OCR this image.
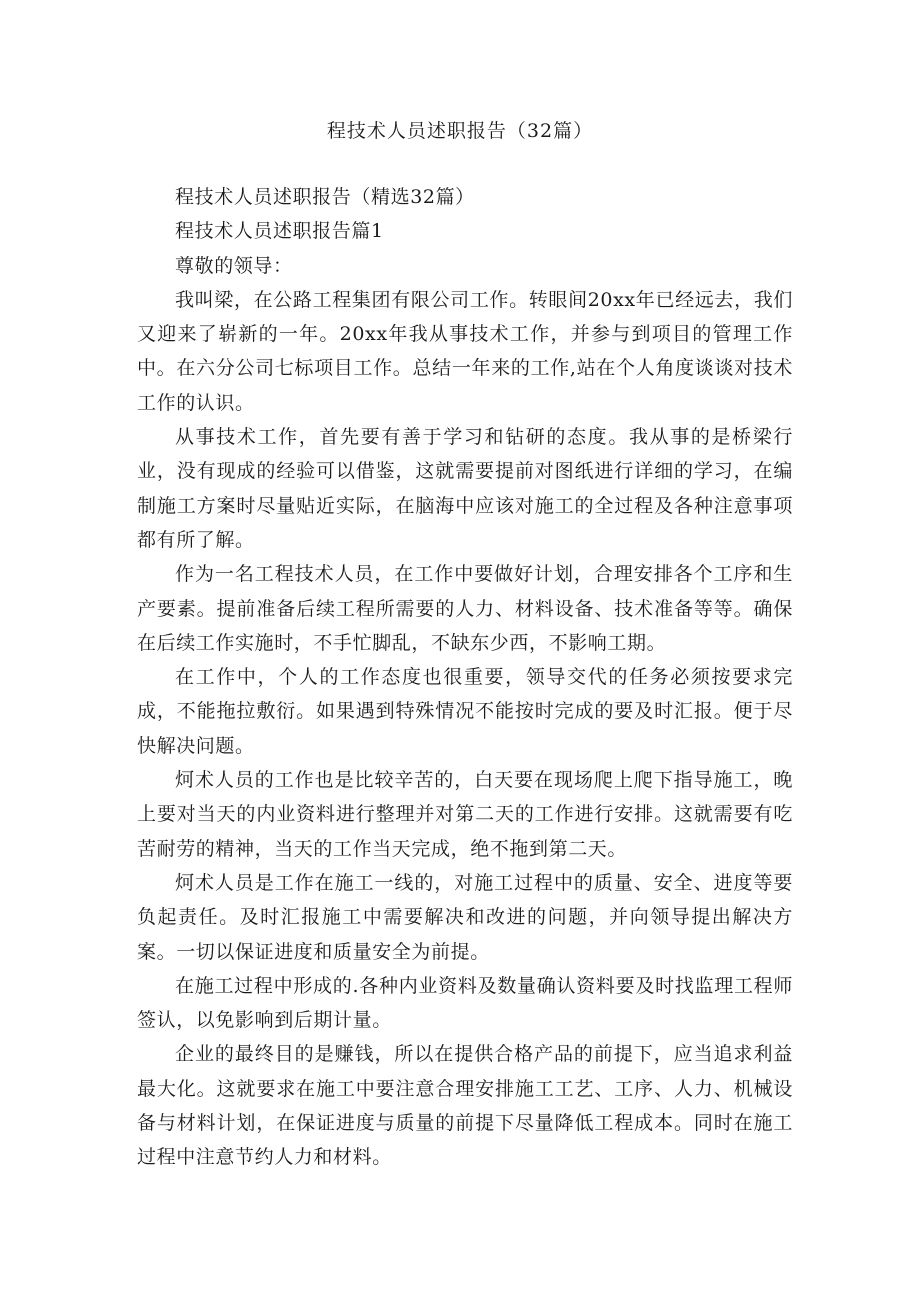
程技术人员述职报告（32篇）

程技术人员述职报告（精选32篇）

程技术人员述职报告篇1

尊敬的领导：

我叫梁，在公路工程集团有限公司工作。转眼间20xx年已经远去，我们又迎来了崭新的一年。20xx年我从事技术工作，并参与到项目的管理工作中。在六分公司七标项目工作。总结一年来的工作,站在个人角度谈谈对技术工作的认识。

从事技术工作，首先要有善于学习和钻研的态度。我从事的是桥梁行业，没有现成的经验可以借鉴，这就需要提前对图纸进行详细的学习，在编制施工方案时尽量贴近实际，在脑海中应该对施工的全过程及各种注意事项都有所了解。

作为一名工程技术人员，在工作中要做好计划，合理安排各个工序和生产要素。提前准备后续工程所需要的人力、材料设备、技术准备等等。确保在后续工作实施时，不手忙脚乱，不缺东少西，不影响工期。

在工作中，个人的工作态度也很重要，领导交代的任务必须按要求完成，不能拖拉敷衍。如果遇到特殊情况不能按时完成的要及时汇报。便于尽快解决问题。

炣术人员的工作也是比较辛苦的，白天要在现场爬上爬下指导施工，晚上要对当天的内业资料进行整理并对第二天的工作进行安排。这就需要有吃苦耐劳的精神，当天的工作当天完成，绝不拖到第二天。

炣术人员是工作在施工一线的，对施工过程中的质量、安全、进度等要负起责任。及时汇报施工中需要解决和改进的问题，并向领导提出解决方案。一切以保证进度和质量安全为前提。

在施工过程中形成的.各种内业资料及数量确认资料要及时找监理工程师签认，以免影响到后期计量。

企业的最终目的是赚钱，所以在提供合格产品的前提下，应当追求利益最大化。这就要求在施工中要注意合理安排施工工艺、工序、人力、机械设备与材料计划，在保证进度与质量的前提下尽量降低工程成本。同时在施工过程中注意节约人力和材料。
